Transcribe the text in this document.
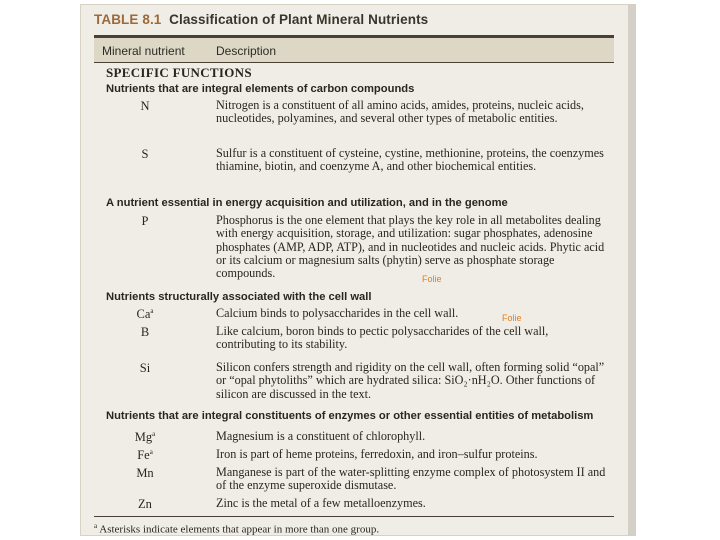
TABLE 8.1 Classification of Plant Mineral Nutrients
Mineral nutrient	Description
SPECIFIC FUNCTIONS
Nutrients that are integral elements of carbon compounds
N	Nitrogen is a constituent of all amino acids, amides, proteins, nucleic acids, nucleotides, polyamines, and several other types of metabolic entities.
S	Sulfur is a constituent of cysteine, cystine, methionine, proteins, the coenzymes thiamine, biotin, and coenzyme A, and other biochemical entities.
A nutrient essential in energy acquisition and utilization, and in the genome
P	Phosphorus is the one element that plays the key role in all metabolites dealing with energy acquisition, storage, and utilization: sugar phosphates, adenosine phosphates (AMP, ADP, ATP), and in nucleotides and nucleic acids. Phytic acid or its calcium or magnesium salts (phytin) serve as phosphate storage compounds.
Nutrients structurally associated with the cell wall
Ca$^a$	Calcium binds to polysaccharides in the cell wall.
B	Like calcium, boron binds to pectic polysaccharides of the cell wall, contributing to its stability.
Si	Silicon confers strength and rigidity on the cell wall, often forming solid “opal” or “opal phytoliths” which are hydrated silica: SiO₂·nH₂O. Other functions of silicon are discussed in the text.
Nutrients that are integral constituents of enzymes or other essential entities of metabolism
Mg$^a$	Magnesium is a constituent of chlorophyll.
Fe$^a$	Iron is part of heme proteins, ferredoxin, and iron–sulfur proteins.
Mn	Manganese is part of the water-splitting enzyme complex of photosystem II and of the enzyme superoxide dismutase.
Zn	Zinc is the metal of a few metalloenzymes.
$^a$ Asterisks indicate elements that appear in more than one group.
Folie
Folie
